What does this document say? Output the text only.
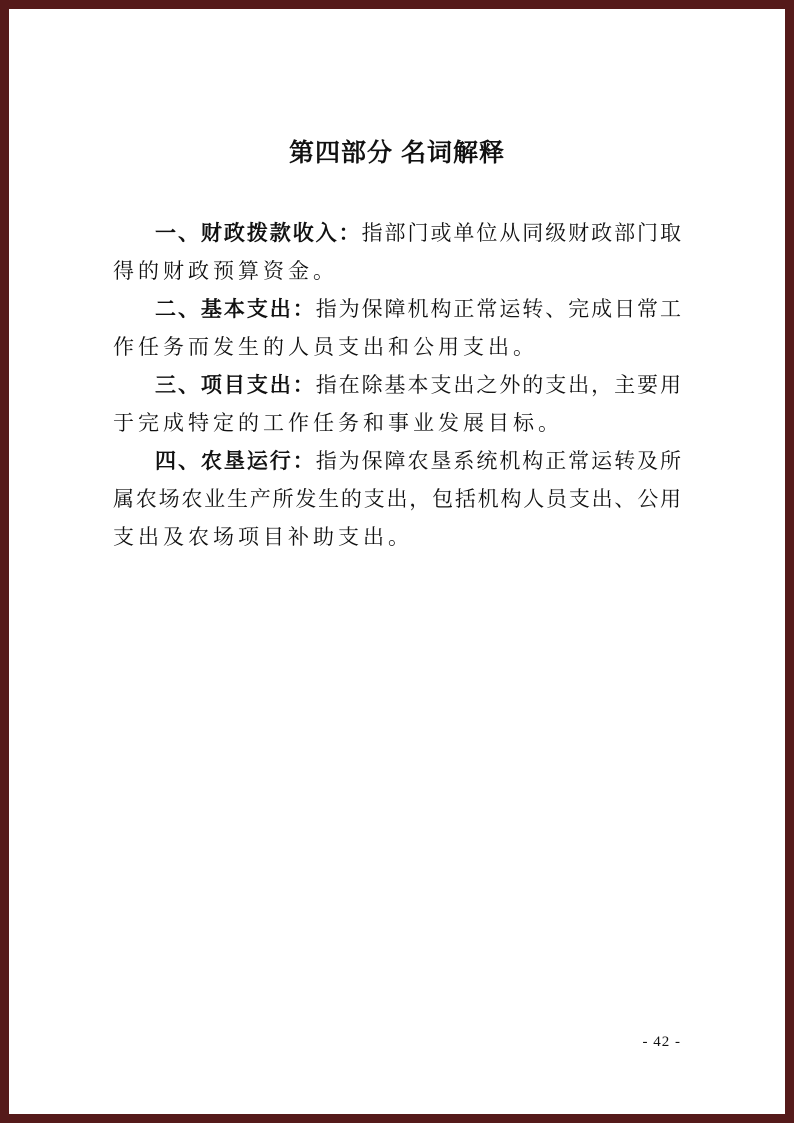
第四部分 名词解释
一、财政拨款收入：指部门或单位从同级财政部门取
得的财政预算资金。
二、基本支出：指为保障机构正常运转、完成日常工
作任务而发生的人员支出和公用支出。
三、项目支出：指在除基本支出之外的支出，主要用
于完成特定的工作任务和事业发展目标。
四、农垦运行：指为保障农垦系统机构正常运转及所
属农场农业生产所发生的支出，包括机构人员支出、公用
支出及农场项目补助支出。
- 42 -
